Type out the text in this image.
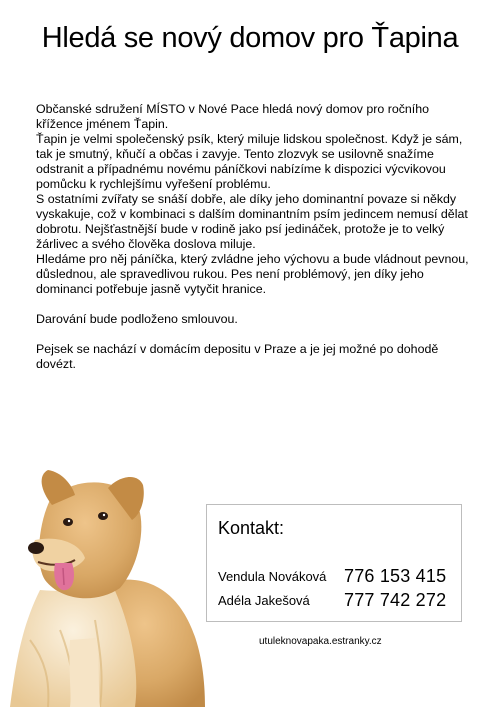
Hledá se nový domov pro Ťapina

Občanské sdružení MÍSTO v Nové Pace hledá nový domov pro ročního křížence jménem Ťapin.

Ťapin je velmi společenský psík, který miluje lidskou společnost. Když je sám, tak je smutný, kňučí a občas i zavyje. Tento zlozvyk se usilovně snažíme odstranit a případnému novému páníčkovi nabízíme k dispozici výcvikovou pomůcku k rychlejšímu vyřešení problému.

S ostatními zvířaty se snáší dobře, ale díky jeho dominantní povaze si někdy vyskakuje, což v kombinaci s dalším dominantním psím jedincem nemusí dělat dobrotu. Nejšťastnější bude v rodině jako psí jedináček, protože je to velký žárlivec a svého člověka doslova miluje.

Hledáme pro něj páníčka, který zvládne jeho výchovu a bude vládnout pevnou, důslednou, ale spravedlivou rukou. Pes není problémový, jen díky jeho dominanci potřebuje jasně vytyčit hranice.

Darování bude podloženo smlouvou.

Pejsek se nachází v domácím depositu v Praze a je jej možné po dohodě dovézt.

Kontakt:
Vendula Nováková 776 153 415
Adéla Jakešová 777 742 272
utuleknovapaka.estranky.cz
